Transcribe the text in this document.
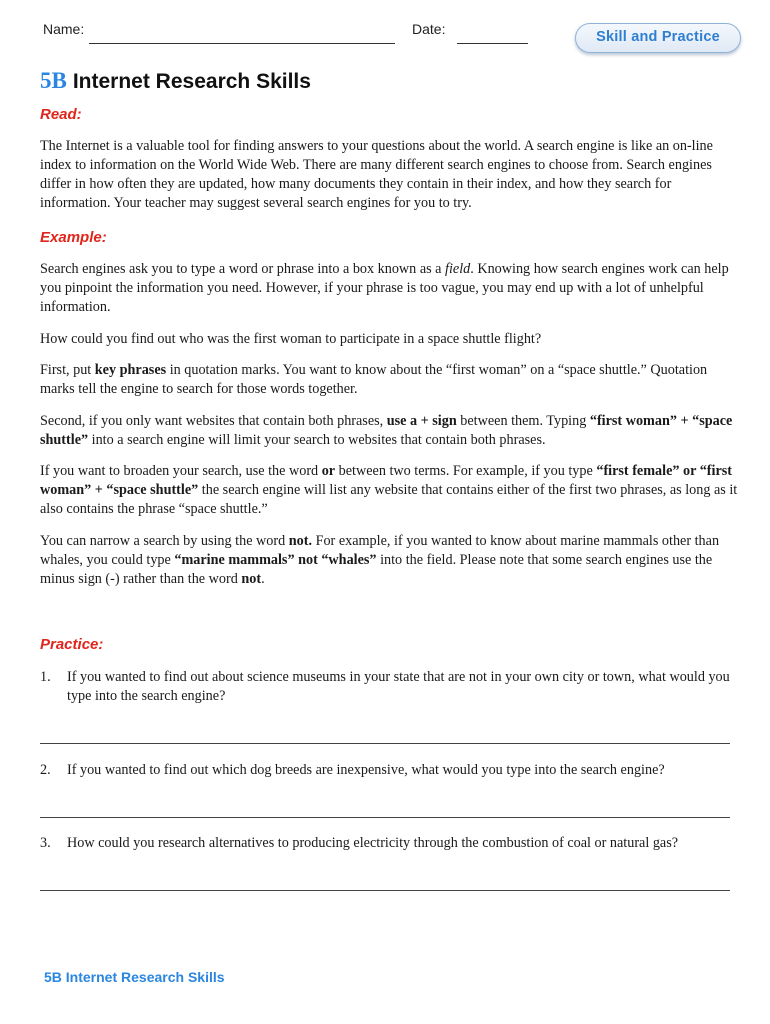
Name:	Date:	Skill and Practice
5B Internet Research Skills
Read:

The Internet is a valuable tool for finding answers to your questions about the world. A search engine is like an on-line index to information on the World Wide Web. There are many different search engines to choose from. Search engines differ in how often they are updated, how many documents they contain in their index, and how they search for information. Your teacher may suggest several search engines for you to try.

Example:

Search engines ask you to type a word or phrase into a box known as a field. Knowing how search engines work can help you pinpoint the information you need. However, if your phrase is too vague, you may end up with a lot of unhelpful information.

How could you find out who was the first woman to participate in a space shuttle flight?

First, put key phrases in quotation marks. You want to know about the “first woman” on a “space shuttle.” Quotation marks tell the engine to search for those words together.

Second, if you only want websites that contain both phrases, use a + sign between them. Typing “first woman” + “space shuttle” into a search engine will limit your search to websites that contain both phrases.

If you want to broaden your search, use the word or between two terms. For example, if you type “first female” or “first woman” + “space shuttle” the search engine will list any website that contains either of the first two phrases, as long as it also contains the phrase “space shuttle.”

You can narrow a search by using the word not. For example, if you wanted to know about marine mammals other than whales, you could type “marine mammals” not “whales” into the field. Please note that some search engines use the minus sign (-) rather than the word not.

Practice:
1. If you wanted to find out about science museums in your state that are not in your own city or town, what would you type into the search engine?
2. If you wanted to find out which dog breeds are inexpensive, what would you type into the search engine?
3. How could you research alternatives to producing electricity through the combustion of coal or natural gas?
5B Internet Research Skills
